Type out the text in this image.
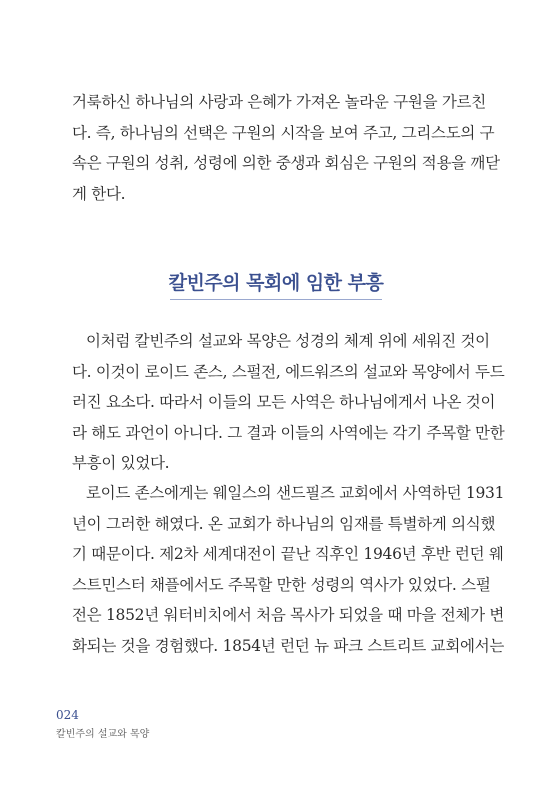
거룩하신 하나님의 사랑과 은혜가 가져온 놀라운 구원을 가르친
다. 즉, 하나님의 선택은 구원의 시작을 보여 주고, 그리스도의 구
속은 구원의 성취, 성령에 의한 중생과 회심은 구원의 적용을 깨닫
게 한다.
칼빈주의 목회에 임한 부흥
이처럼 칼빈주의 설교와 목양은 성경의 체계 위에 세워진 것이
다. 이것이 로이드 존스, 스펄전, 에드워즈의 설교와 목양에서 두드
러진 요소다. 따라서 이들의 모든 사역은 하나님에게서 나온 것이
라 해도 과언이 아니다. 그 결과 이들의 사역에는 각기 주목할 만한
부흥이 있었다.
로이드 존스에게는 웨일스의 샌드필즈 교회에서 사역하던 1931
년이 그러한 해였다. 온 교회가 하나님의 임재를 특별하게 의식했
기 때문이다. 제2차 세계대전이 끝난 직후인 1946년 후반 런던 웨
스트민스터 채플에서도 주목할 만한 성령의 역사가 있었다. 스펄
전은 1852년 워터비치에서 처음 목사가 되었을 때 마을 전체가 변
화되는 것을 경험했다. 1854년 런던 뉴 파크 스트리트 교회에서는

024

칼빈주의 설교와 목양
